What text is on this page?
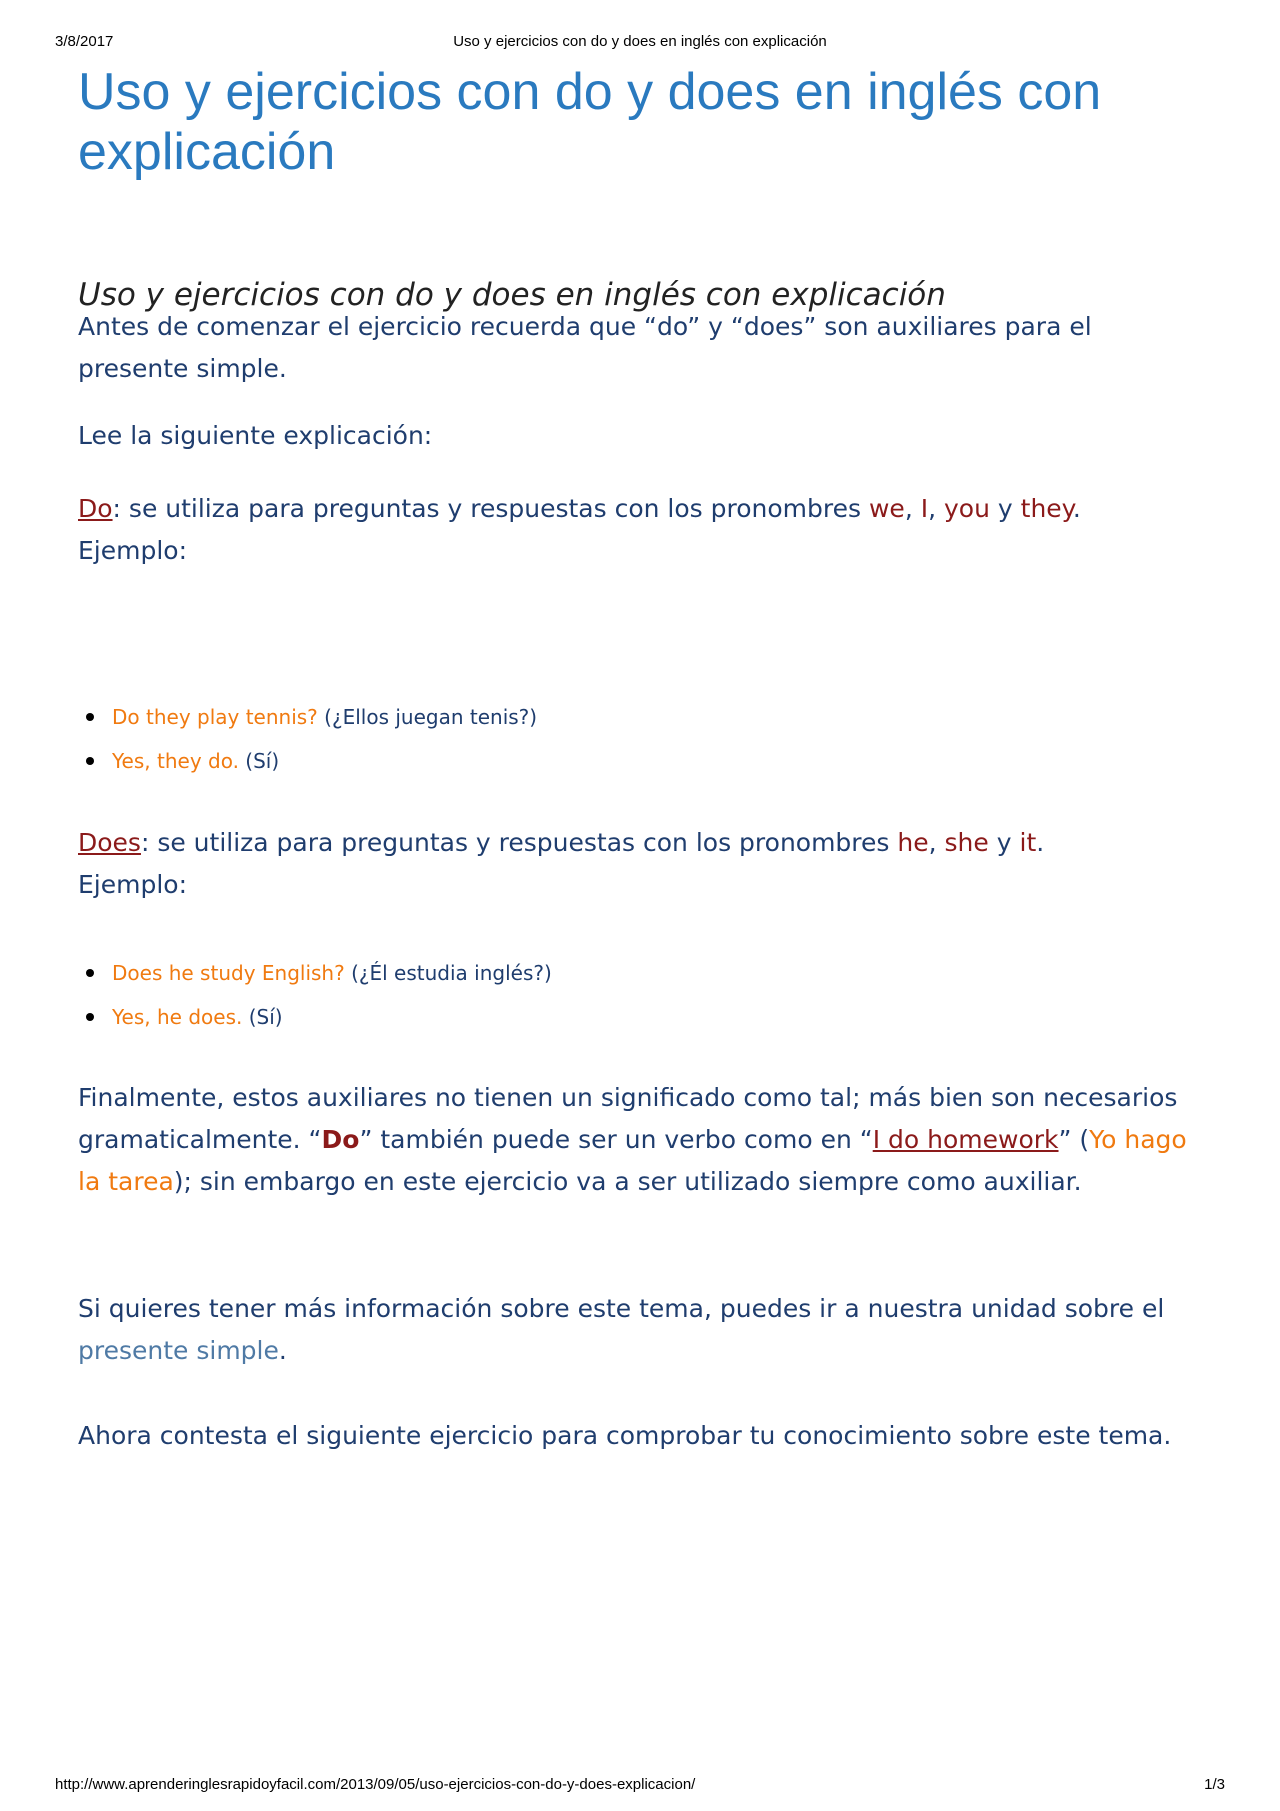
3/8/2017	Uso y ejercicios con do y does en inglés con explicación
Uso y ejercicios con do y does en inglés con explicación
Uso y ejercicios con do y does en inglés con explicación

Antes de comenzar el ejercicio recuerda que “do” y “does” son auxiliares para el presente simple.

Lee la siguiente explicación:

Do: se utiliza para preguntas y respuestas con los pronombres we, I, you y they.
Ejemplo:

Do they play tennis? (¿Ellos juegan tenis?)
Yes, they do. (Sí)

Does: se utiliza para preguntas y respuestas con los pronombres he, she y it.
Ejemplo:

Does he study English? (¿Él estudia inglés?)
Yes, he does. (Sí)

Finalmente, estos auxiliares no tienen un significado como tal; más bien son necesarios gramaticalmente. “Do” también puede ser un verbo como en “I do homework” (Yo hago la tarea); sin embargo en este ejercicio va a ser utilizado siempre como auxiliar.

Si quieres tener más información sobre este tema, puedes ir a nuestra unidad sobre el presente simple.

Ahora contesta el siguiente ejercicio para comprobar tu conocimiento sobre este tema.

http://www.aprenderinglesrapidoyfacil.com/2013/09/05/uso-ejercicios-con-do-y-does-explicacion/	1/3
